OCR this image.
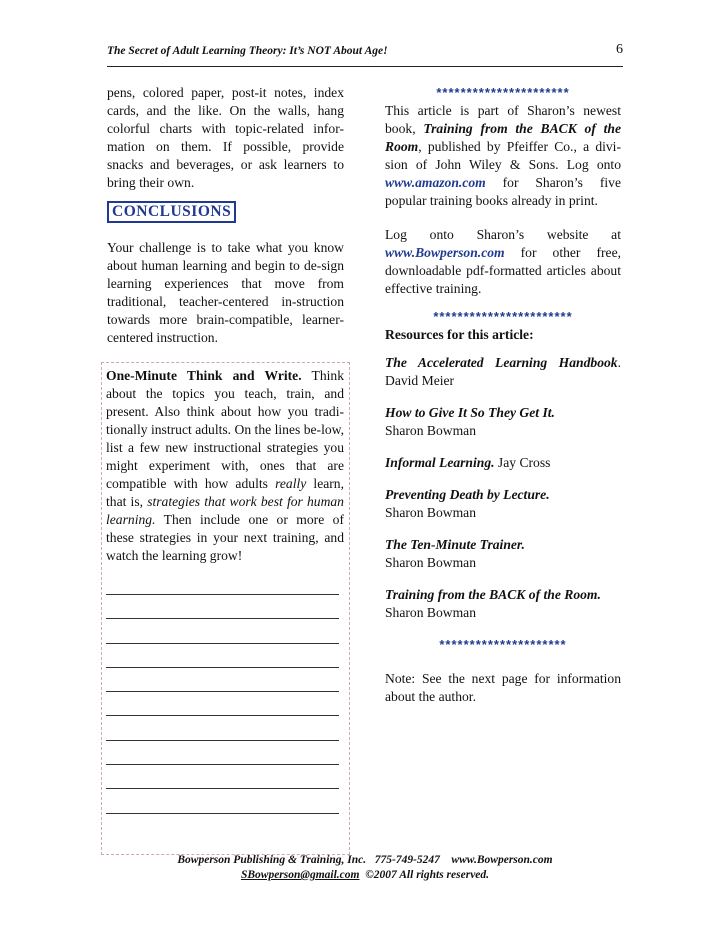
The Secret of Adult Learning Theory: It’s NOT About Age!	6

pens, colored paper, post-it notes, index cards, and the like. On the walls, hang colorful charts with topic-related infor-mation on them. If possible, provide snacks and beverages, or ask learners to bring their own.

CONCLUSIONS

Your challenge is to take what you know about human learning and begin to de-sign learning experiences that move from traditional, teacher-centered in-struction towards more brain-compatible, learner-centered instruction.

One-Minute Think and Write. Think about the topics you teach, train, and present. Also think about how you tradi-tionally instruct adults. On the lines be-low, list a few new instructional strategies you might experiment with, ones that are compatible with how adults really learn, that is, strategies that work best for human learning. Then include one or more of these strategies in your next training, and watch the learning grow!

**********************

This article is part of Sharon’s newest book, Training from the BACK of the Room, published by Pfeiffer Co., a divi-sion of John Wiley & Sons. Log onto www.amazon.com for Sharon’s five popular training books already in print.

Log onto Sharon’s website at www.Bowperson.com for other free, downloadable pdf-formatted articles about effective training.

***********************

Resources for this article:

The Accelerated Learning Handbook.
David Meier
How to Give It So They Get It.
Sharon Bowman
Informal Learning. Jay Cross
Preventing Death by Lecture.
Sharon Bowman
The Ten-Minute Trainer.
Sharon Bowman
Training from the BACK of the Room.
Sharon Bowman
*********************

Note: See the next page for information about the author.

Bowperson Publishing & Training, Inc.   775-749-5247    www.Bowperson.com
SBowperson@gmail.com  ©2007 All rights reserved.
